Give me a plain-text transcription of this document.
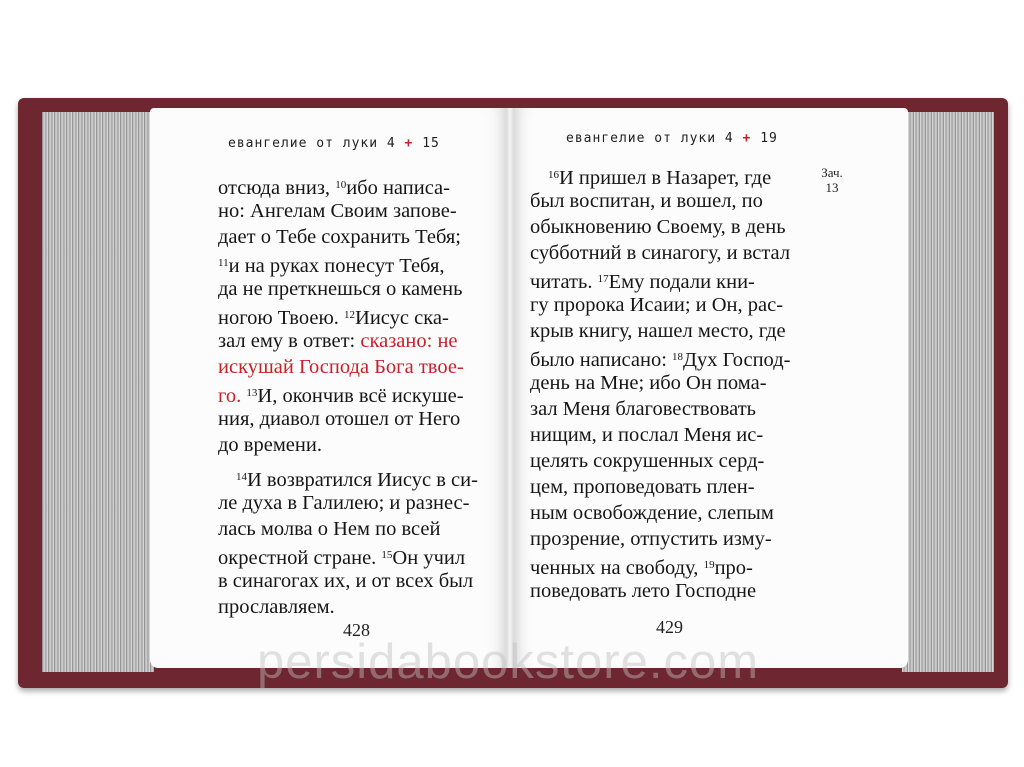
евангелие от луки 4 + 15	евангелие от луки 4 + 19
Зач.
13
отсюда вниз, $^{10}$ибо написа-
но: Ангелам Своим запове-
дает о Тебе сохранить Тебя;
$^{11}$и на руках понесут Тебя,
да не преткнешься о камень
ногою Твоею. $^{12}$Иисус ска-
зал ему в ответ: сказано: не
искушай Господа Бога твое-
го. $^{13}$И, окончив всё искуше-
ния, диавол отошел от Него
до времени.
$^{14}$И возвратился Иисус в си-
ле духа в Галилею; и разнес-
лась молва о Нем по всей
окрестной стране. $^{15}$Он учил
в синагогах их, и от всех был
прославляем.
$^{16}$И пришел в Назарет, где
был воспитан, и вошел, по
обыкновению Своему, в день
субботний в синагогу, и встал
читать. $^{17}$Ему подали кни-
гу пророка Исаии; и Он, рас-
крыв книгу, нашел место, где
было написано: $^{18}$Дух Господ-
день на Мне; ибо Он пома-
зал Меня благовествовать
нищим, и послал Меня ис-
целять сокрушенных серд-
цем, проповедовать плен-
ным освобождение, слепым
прозрение, отпустить изму-
ченных на свободу, $^{19}$про-
поведовать лето Господне
428	429
persidabookstore.com
